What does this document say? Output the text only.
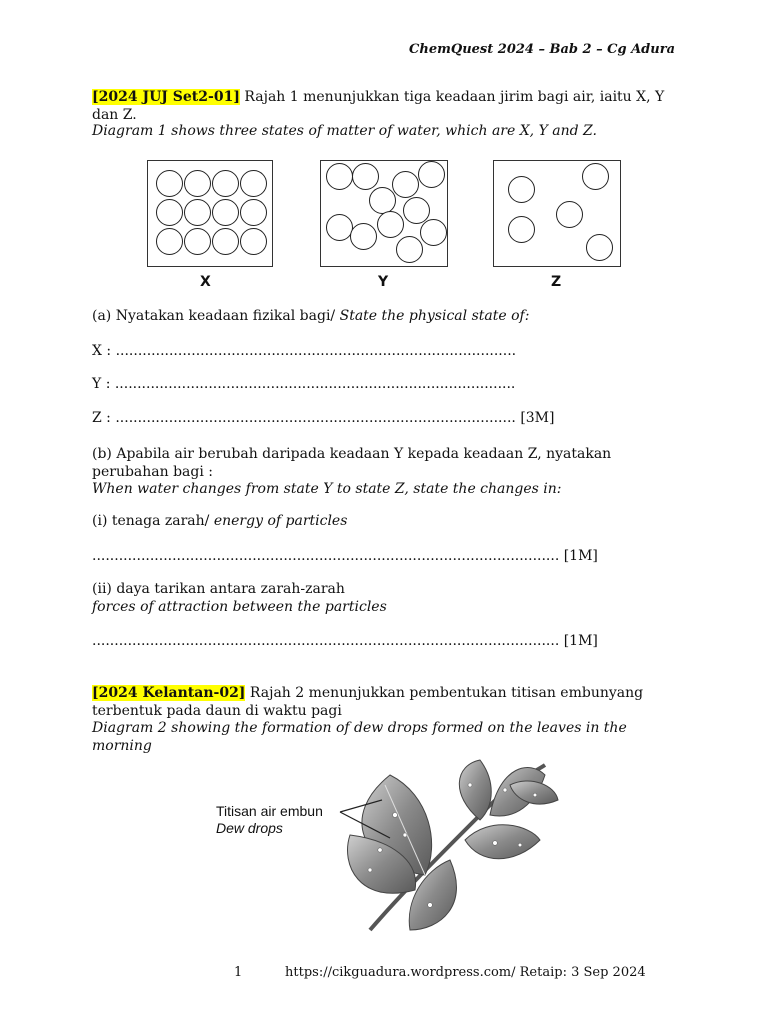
ChemQuest 2024 – Bab 2 – Cg Adura
[2024 JUJ Set2-01] Rajah 1 menunjukkan tiga keadaan jirim bagi air, iaitu X, Y dan Z.
Diagram 1 shows three states of matter of water, which are X, Y and Z.
X	Y	Z
(a) Nyatakan keadaan fizikal bagi/ State the physical state of:
X : ..........................................................................................
Y : ..........................................................................................
Z : .......................................................................................... [3M]
(b) Apabila air berubah daripada keadaan Y kepada keadaan Z, nyatakan perubahan bagi :
When water changes from state Y to state Z, state the changes in:
(i) tenaga zarah/ energy of particles
......................................................................................................... [1M]
(ii) daya tarikan antara zarah-zarah
forces of attraction between the particles
......................................................................................................... [1M]
[2024 Kelantan-02] Rajah 2 menunjukkan pembentukan titisan embunyang terbentuk pada daun di waktu pagi
Diagram 2 showing the formation of dew drops formed on the leaves in the morning
Titisan air embun
Dew drops
1	https://cikguadura.wordpress.com/ Retaip: 3 Sep 2024
